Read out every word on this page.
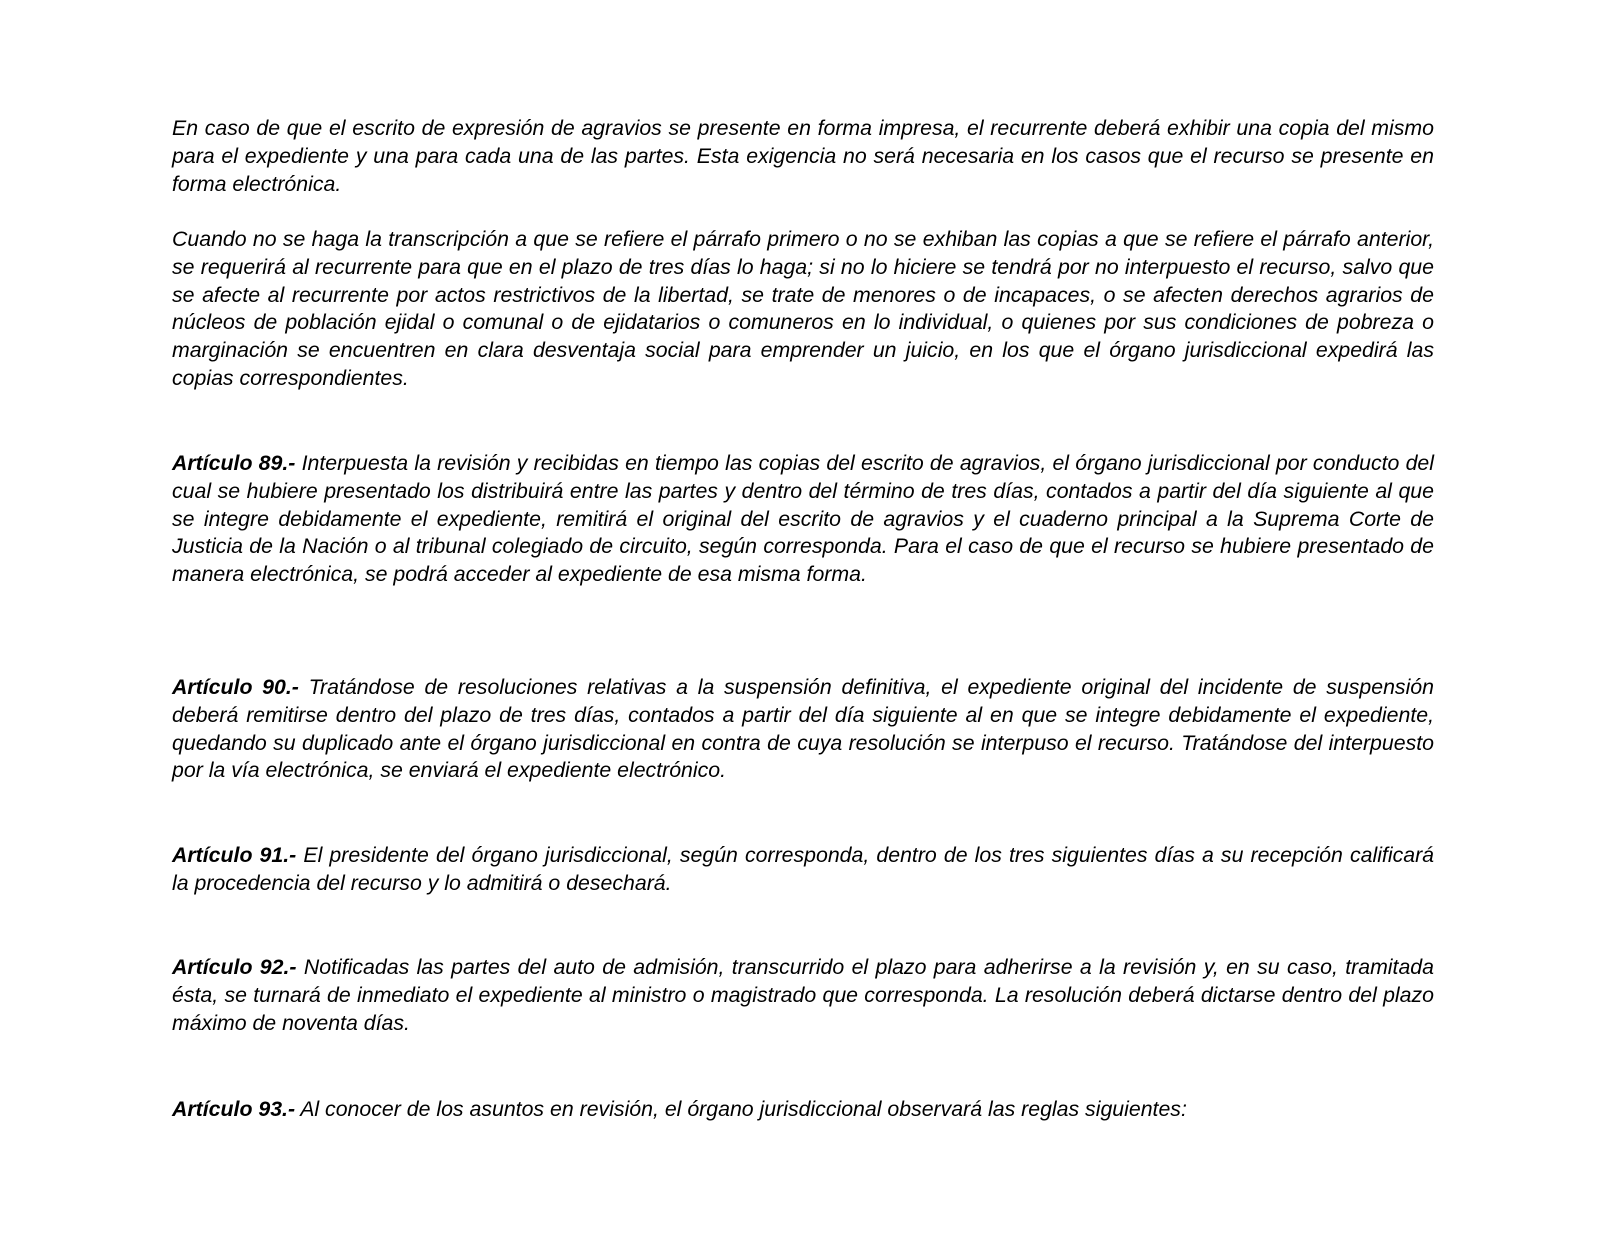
En caso de que el escrito de expresión de agravios se presente en forma impresa, el recurrente deberá exhibir una copia del mismo para el expediente y una para cada una de las partes. Esta exigencia no será necesaria en los casos que el recurso se presente en forma electrónica.

Cuando no se haga la transcripción a que se refiere el párrafo primero o no se exhiban las copias a que se refiere el párrafo anterior, se requerirá al recurrente para que en el plazo de tres días lo haga; si no lo hiciere se tendrá por no interpuesto el recurso, salvo que se afecte al recurrente por actos restrictivos de la libertad, se trate de menores o de incapaces, o se afecten derechos agrarios de núcleos de población ejidal o comunal o de ejidatarios o comuneros en lo individual, o quienes por sus condiciones de pobreza o marginación se encuentren en clara desventaja social para emprender un juicio, en los que el órgano jurisdiccional expedirá las copias correspondientes.

Artículo 89.- Interpuesta la revisión y recibidas en tiempo las copias del escrito de agravios, el órgano jurisdiccional por conducto del cual se hubiere presentado los distribuirá entre las partes y dentro del término de tres días, contados a partir del día siguiente al que se integre debidamente el expediente, remitirá el original del escrito de agravios y el cuaderno principal a la Suprema Corte de Justicia de la Nación o al tribunal colegiado de circuito, según corresponda. Para el caso de que el recurso se hubiere presentado de manera electrónica, se podrá acceder al expediente de esa misma forma.

Artículo 90.- Tratándose de resoluciones relativas a la suspensión definitiva, el expediente original del incidente de suspensión deberá remitirse dentro del plazo de tres días, contados a partir del día siguiente al en que se integre debidamente el expediente, quedando su duplicado ante el órgano jurisdiccional en contra de cuya resolución se interpuso el recurso. Tratándose del interpuesto por la vía electrónica, se enviará el expediente electrónico.

Artículo 91.- El presidente del órgano jurisdiccional, según corresponda, dentro de los tres siguientes días a su recepción calificará la procedencia del recurso y lo admitirá o desechará.

Artículo 92.- Notificadas las partes del auto de admisión, transcurrido el plazo para adherirse a la revisión y, en su caso, tramitada ésta, se turnará de inmediato el expediente al ministro o magistrado que corresponda. La resolución deberá dictarse dentro del plazo máximo de noventa días.

Artículo 93.- Al conocer de los asuntos en revisión, el órgano jurisdiccional observará las reglas siguientes:
